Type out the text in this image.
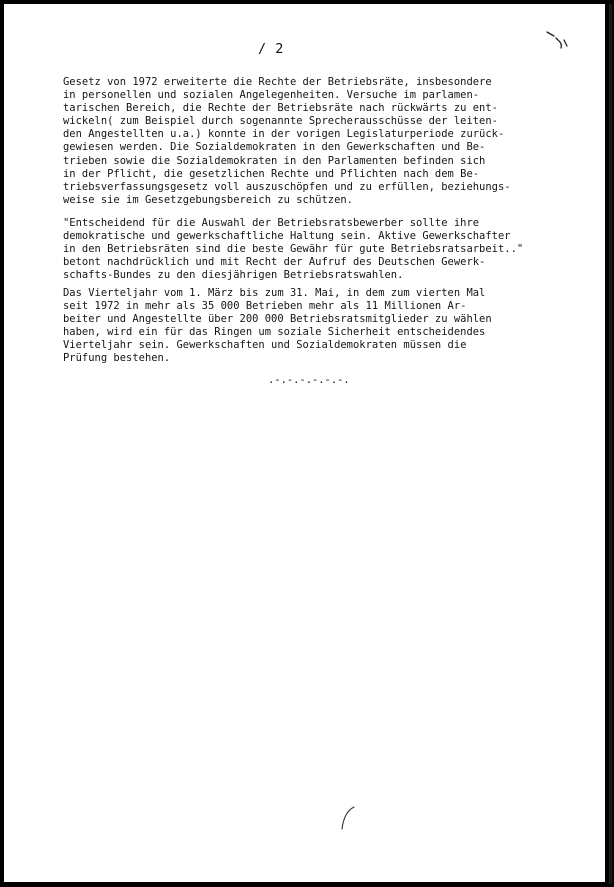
/ 2

Gesetz von 1972 erweiterte die Rechte der Betriebsräte, insbesondere
in personellen und sozialen Angelegenheiten. Versuche im parlamen-
tarischen Bereich, die Rechte der Betriebsräte nach rückwärts zu ent-
wickeln( zum Beispiel durch sogenannte Sprecherausschüsse der leiten-
den Angestellten u.a.) konnte in der vorigen Legislaturperiode zurück-
gewiesen werden. Die Sozialdemokraten in den Gewerkschaften und Be-
trieben sowie die Sozialdemokraten in den Parlamenten befinden sich
in der Pflicht, die gesetzlichen Rechte und Pflichten nach dem Be-
triebsverfassungsgesetz voll auszuschöpfen und zu erfüllen, beziehungs-
weise sie im Gesetzgebungsbereich zu schützen.

"Entscheidend für die Auswahl der Betriebsratsbewerber sollte ihre
demokratische und gewerkschaftliche Haltung sein. Aktive Gewerkschafter
in den Betriebsräten sind die beste Gewähr für gute Betriebsratsarbeit.."
betont nachdrücklich und mit Recht der Aufruf des Deutschen Gewerk-
schafts-Bundes zu den diesjährigen Betriebsratswahlen.

Das Vierteljahr vom 1. März bis zum 31. Mai, in dem zum vierten Mal
seit 1972 in mehr als 35 000 Betrieben mehr als 11 Millionen Ar-
beiter und Angestellte über 200 000 Betriebsratsmitglieder zu wählen
haben, wird ein für das Ringen um soziale Sicherheit entscheidendes
Vierteljahr sein. Gewerkschaften und Sozialdemokraten müssen die
Prüfung bestehen.

.-.-.-.-.-.-.
